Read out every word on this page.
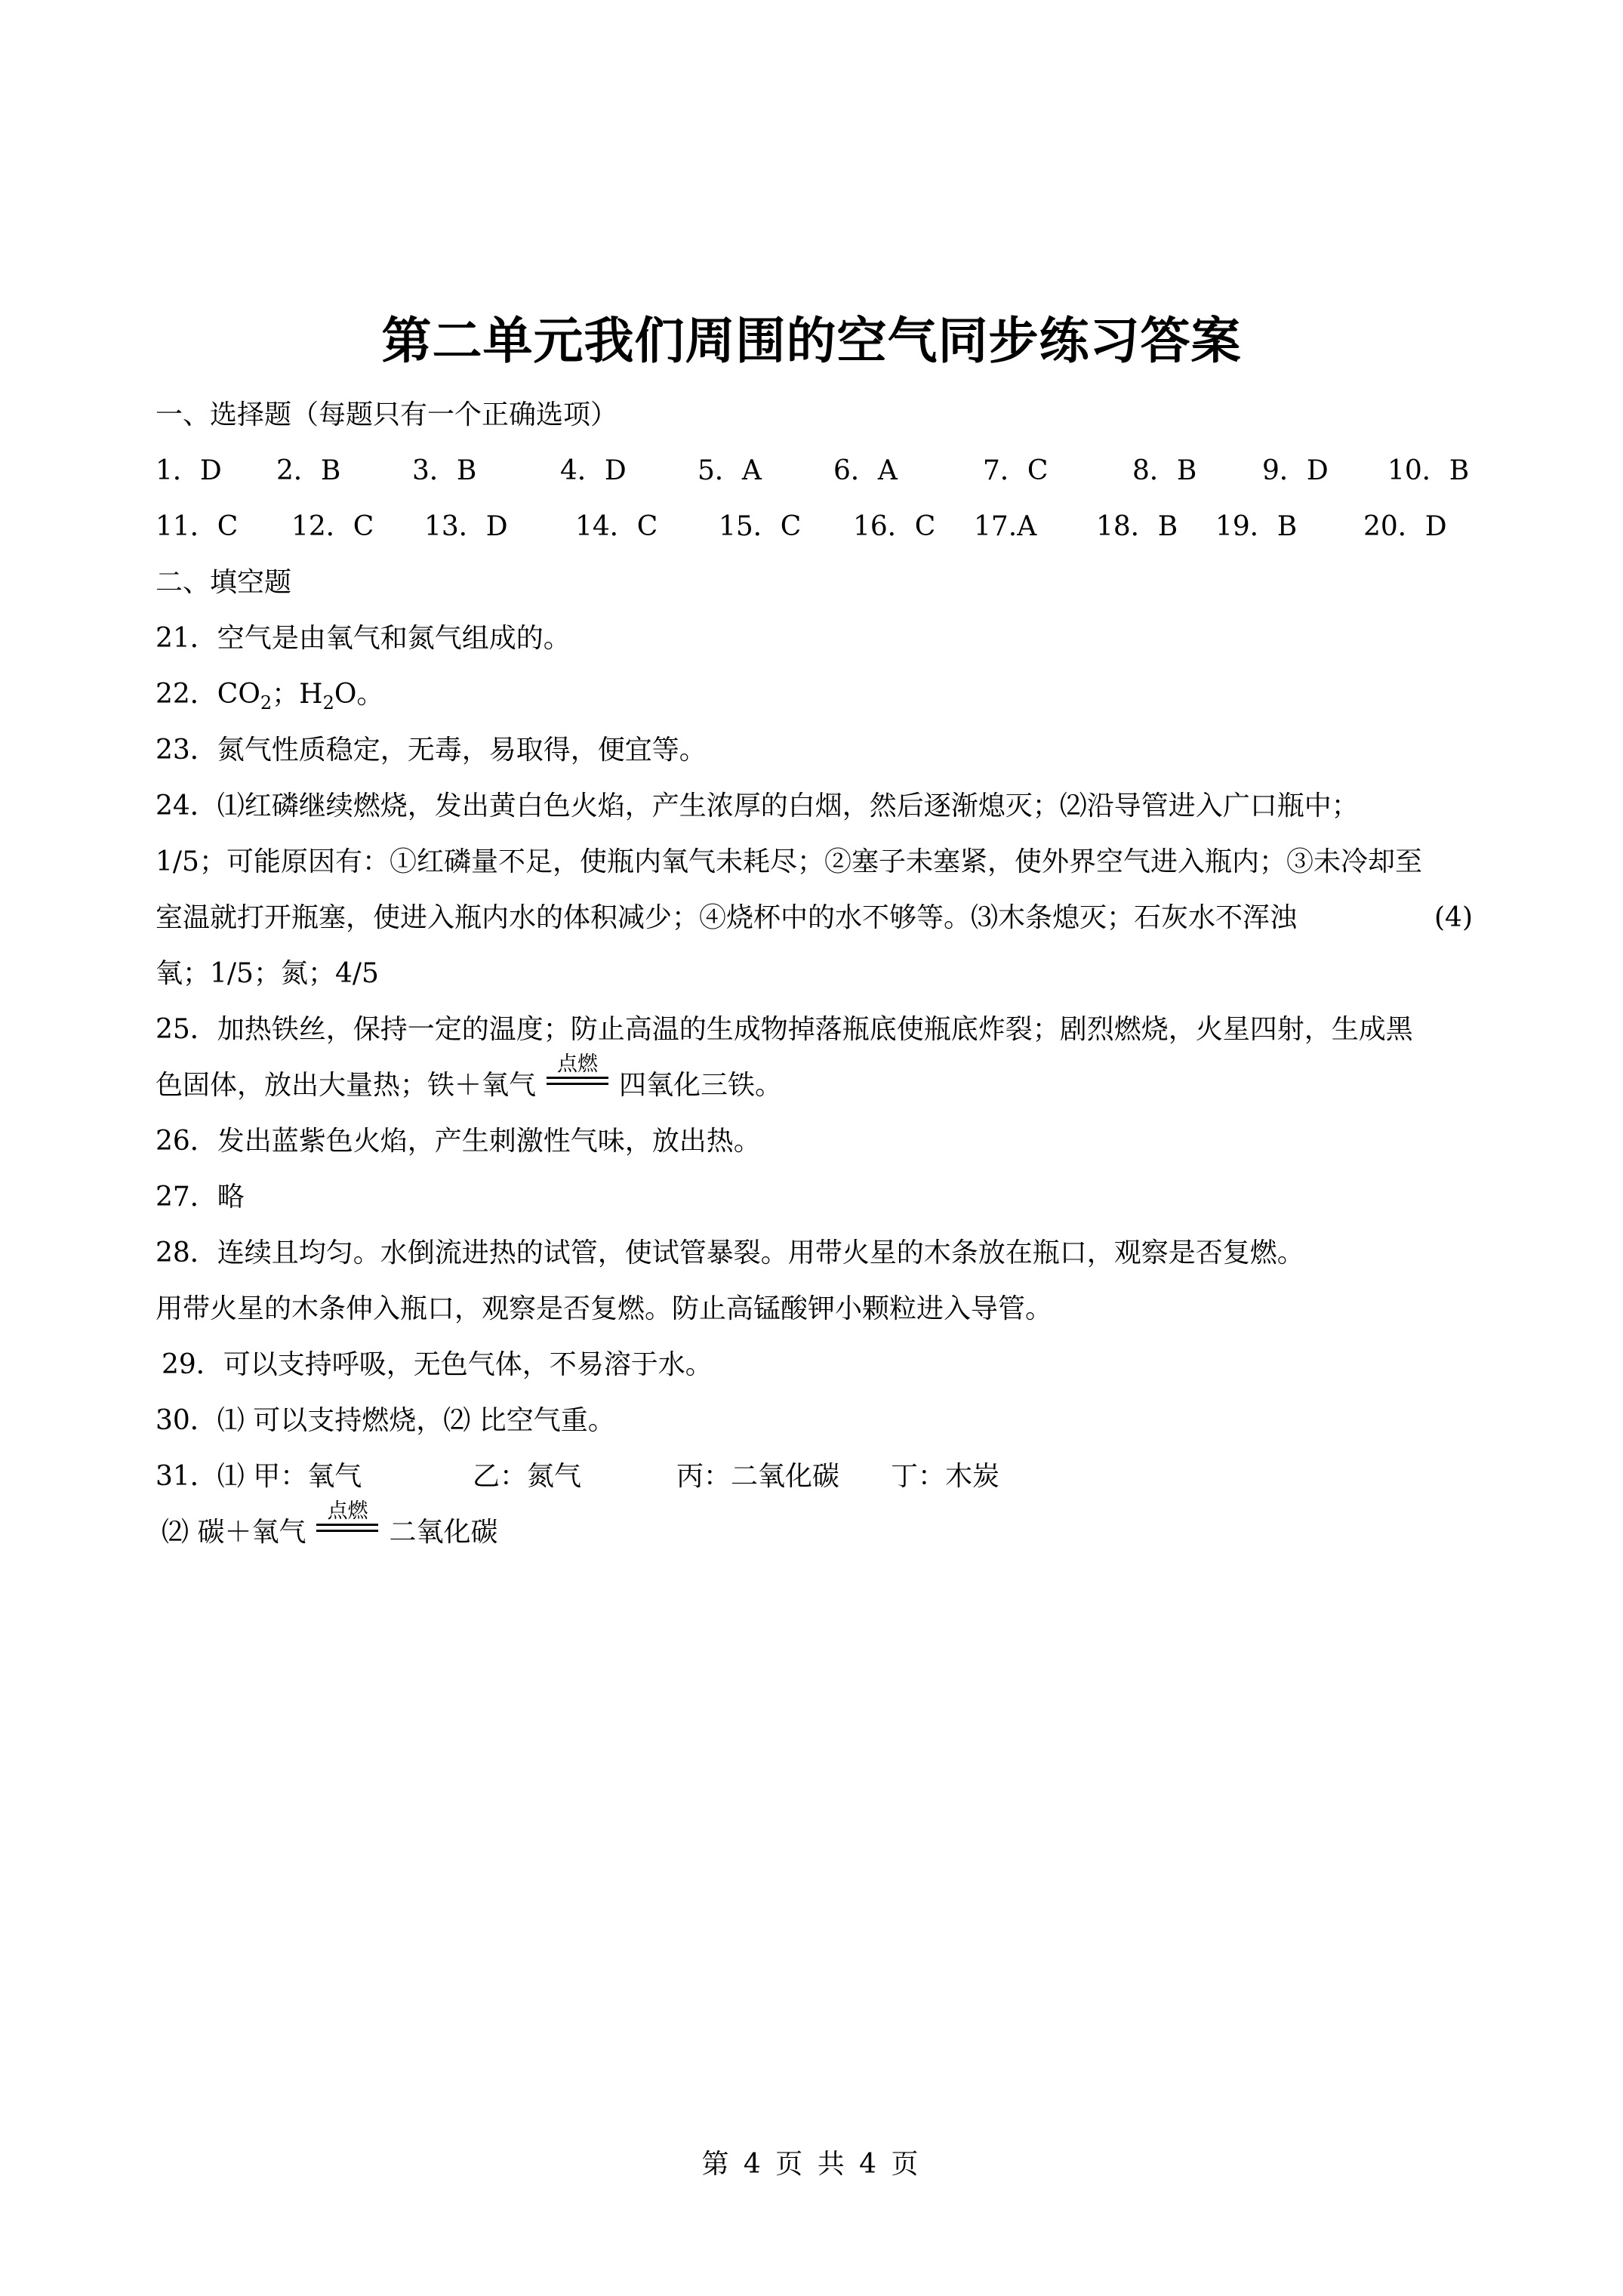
第二单元我们周围的空气同步练习答案
一、选择题（每题只有一个正确选项）
1．D 2．B	3．B	4．D	5．A	6．A	7．C	8．B 9．D 10．B
11．C 12．C 13．D 14．C 15．C 16．C 17.A 18．B 19．B 20．D
二、填空题
21．空气是由氧气和氮气组成的。
22．$CO_2$；$H_2O$。
23．氮气性质稳定，无毒，易取得，便宜等。
24．⑴红磷继续燃烧，发出黄白色火焰，产生浓厚的白烟，然后逐渐熄灭；⑵沿导管进入广口瓶中；
1/5；可能原因有：①红磷量不足，使瓶内氧气未耗尽；②塞子未塞紧，使外界空气进入瓶内；③未冷却至
室温就打开瓶塞，使进入瓶内水的体积减少；④烧杯中的水不够等。⑶木条熄灭；石灰水不浑浊	(4)
氧；1/5；氮；4/5
25．加热铁丝，保持一定的温度；防止高温的生成物掉落瓶底使瓶底炸裂；剧烈燃烧，火星四射，生成黑
色固体，放出大量热；铁＋氧气
点燃
四氧化三铁。
26．发出蓝紫色火焰，产生刺激性气味，放出热。
27．略
28．连续且均匀。水倒流进热的试管，使试管暴裂。用带火星的木条放在瓶口，观察是否复燃。
用带火星的木条伸入瓶口，观察是否复燃。防止高锰酸钾小颗粒进入导管。
29．可以支持呼吸，无色气体，不易溶于水。
30．⑴ 可以支持燃烧，⑵ 比空气重。
31．⑴ 甲：氧气	乙：氮气	丙：二氧化碳 丁：木炭
⑵ 碳＋氧气
点燃
二氧化碳
第 4 页 共 4 页
